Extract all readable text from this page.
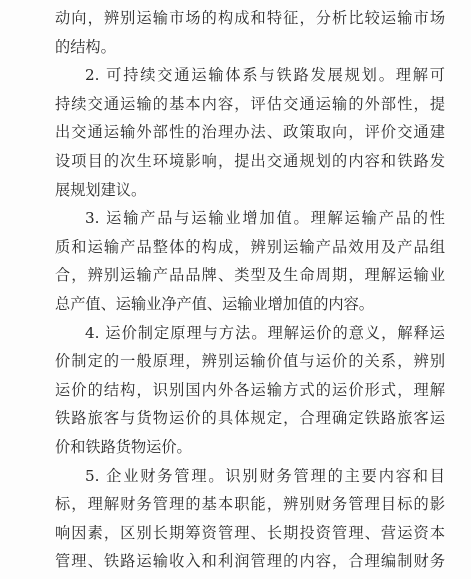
动向，辨别运输市场的构成和特征，分析比较运输市场
的结构。
2. 可持续交通运输体系与铁路发展规划。理解可
持续交通运输的基本内容，评估交通运输的外部性，提
出交通运输外部性的治理办法、政策取向，评价交通建
设项目的次生环境影响，提出交通规划的内容和铁路发
展规划建议。
3. 运输产品与运输业增加值。理解运输产品的性
质和运输产品整体的构成，辨别运输产品效用及产品组
合，辨别运输产品品牌、类型及生命周期，理解运输业
总产值、运输业净产值、运输业增加值的内容。
4. 运价制定原理与方法。理解运价的意义，解释运
价制定的一般原理，辨别运输价值与运价的关系，辨别
运价的结构，识别国内外各运输方式的运价形式，理解
铁路旅客与货物运价的具体规定，合理确定铁路旅客运
价和铁路货物运价。
5. 企业财务管理。识别财务管理的主要内容和目
标，理解财务管理的基本职能，辨别财务管理目标的影
响因素，区别长期筹资管理、长期投资管理、营运资本
管理、铁路运输收入和利润管理的内容，合理编制财务
